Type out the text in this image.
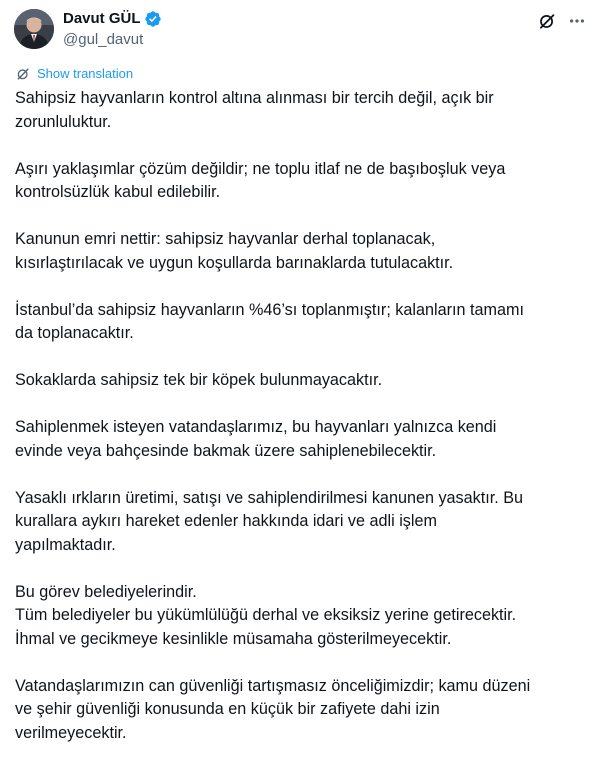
Davut GÜL
@gul_davut
Show translation

Sahipsiz hayvanların kontrol altına alınması bir tercih değil, açık bir
zorunluluktur.

Aşırı yaklaşımlar çözüm değildir; ne toplu itlaf ne de başıboşluk veya
kontrolsüzlük kabul edilebilir.

Kanunun emri nettir: sahipsiz hayvanlar derhal toplanacak,
kısırlaştırılacak ve uygun koşullarda barınaklarda tutulacaktır.

İstanbul’da sahipsiz hayvanların %46’sı toplanmıştır; kalanların tamamı
da toplanacaktır.

Sokaklarda sahipsiz tek bir köpek bulunmayacaktır.

Sahiplenmek isteyen vatandaşlarımız, bu hayvanları yalnızca kendi
evinde veya bahçesinde bakmak üzere sahiplenebilecektir.

Yasaklı ırkların üretimi, satışı ve sahiplendirilmesi kanunen yasaktır. Bu
kurallara aykırı hareket edenler hakkında idari ve adli işlem
yapılmaktadır.

Bu görev belediyelerindir.
Tüm belediyeler bu yükümlülüğü derhal ve eksiksiz yerine getirecektir.
İhmal ve gecikmeye kesinlikle müsamaha gösterilmeyecektir.

Vatandaşlarımızın can güvenliği tartışmasız önceliğimizdir; kamu düzeni
ve şehir güvenliği konusunda en küçük bir zafiyete dahi izin
verilmeyecektir.
